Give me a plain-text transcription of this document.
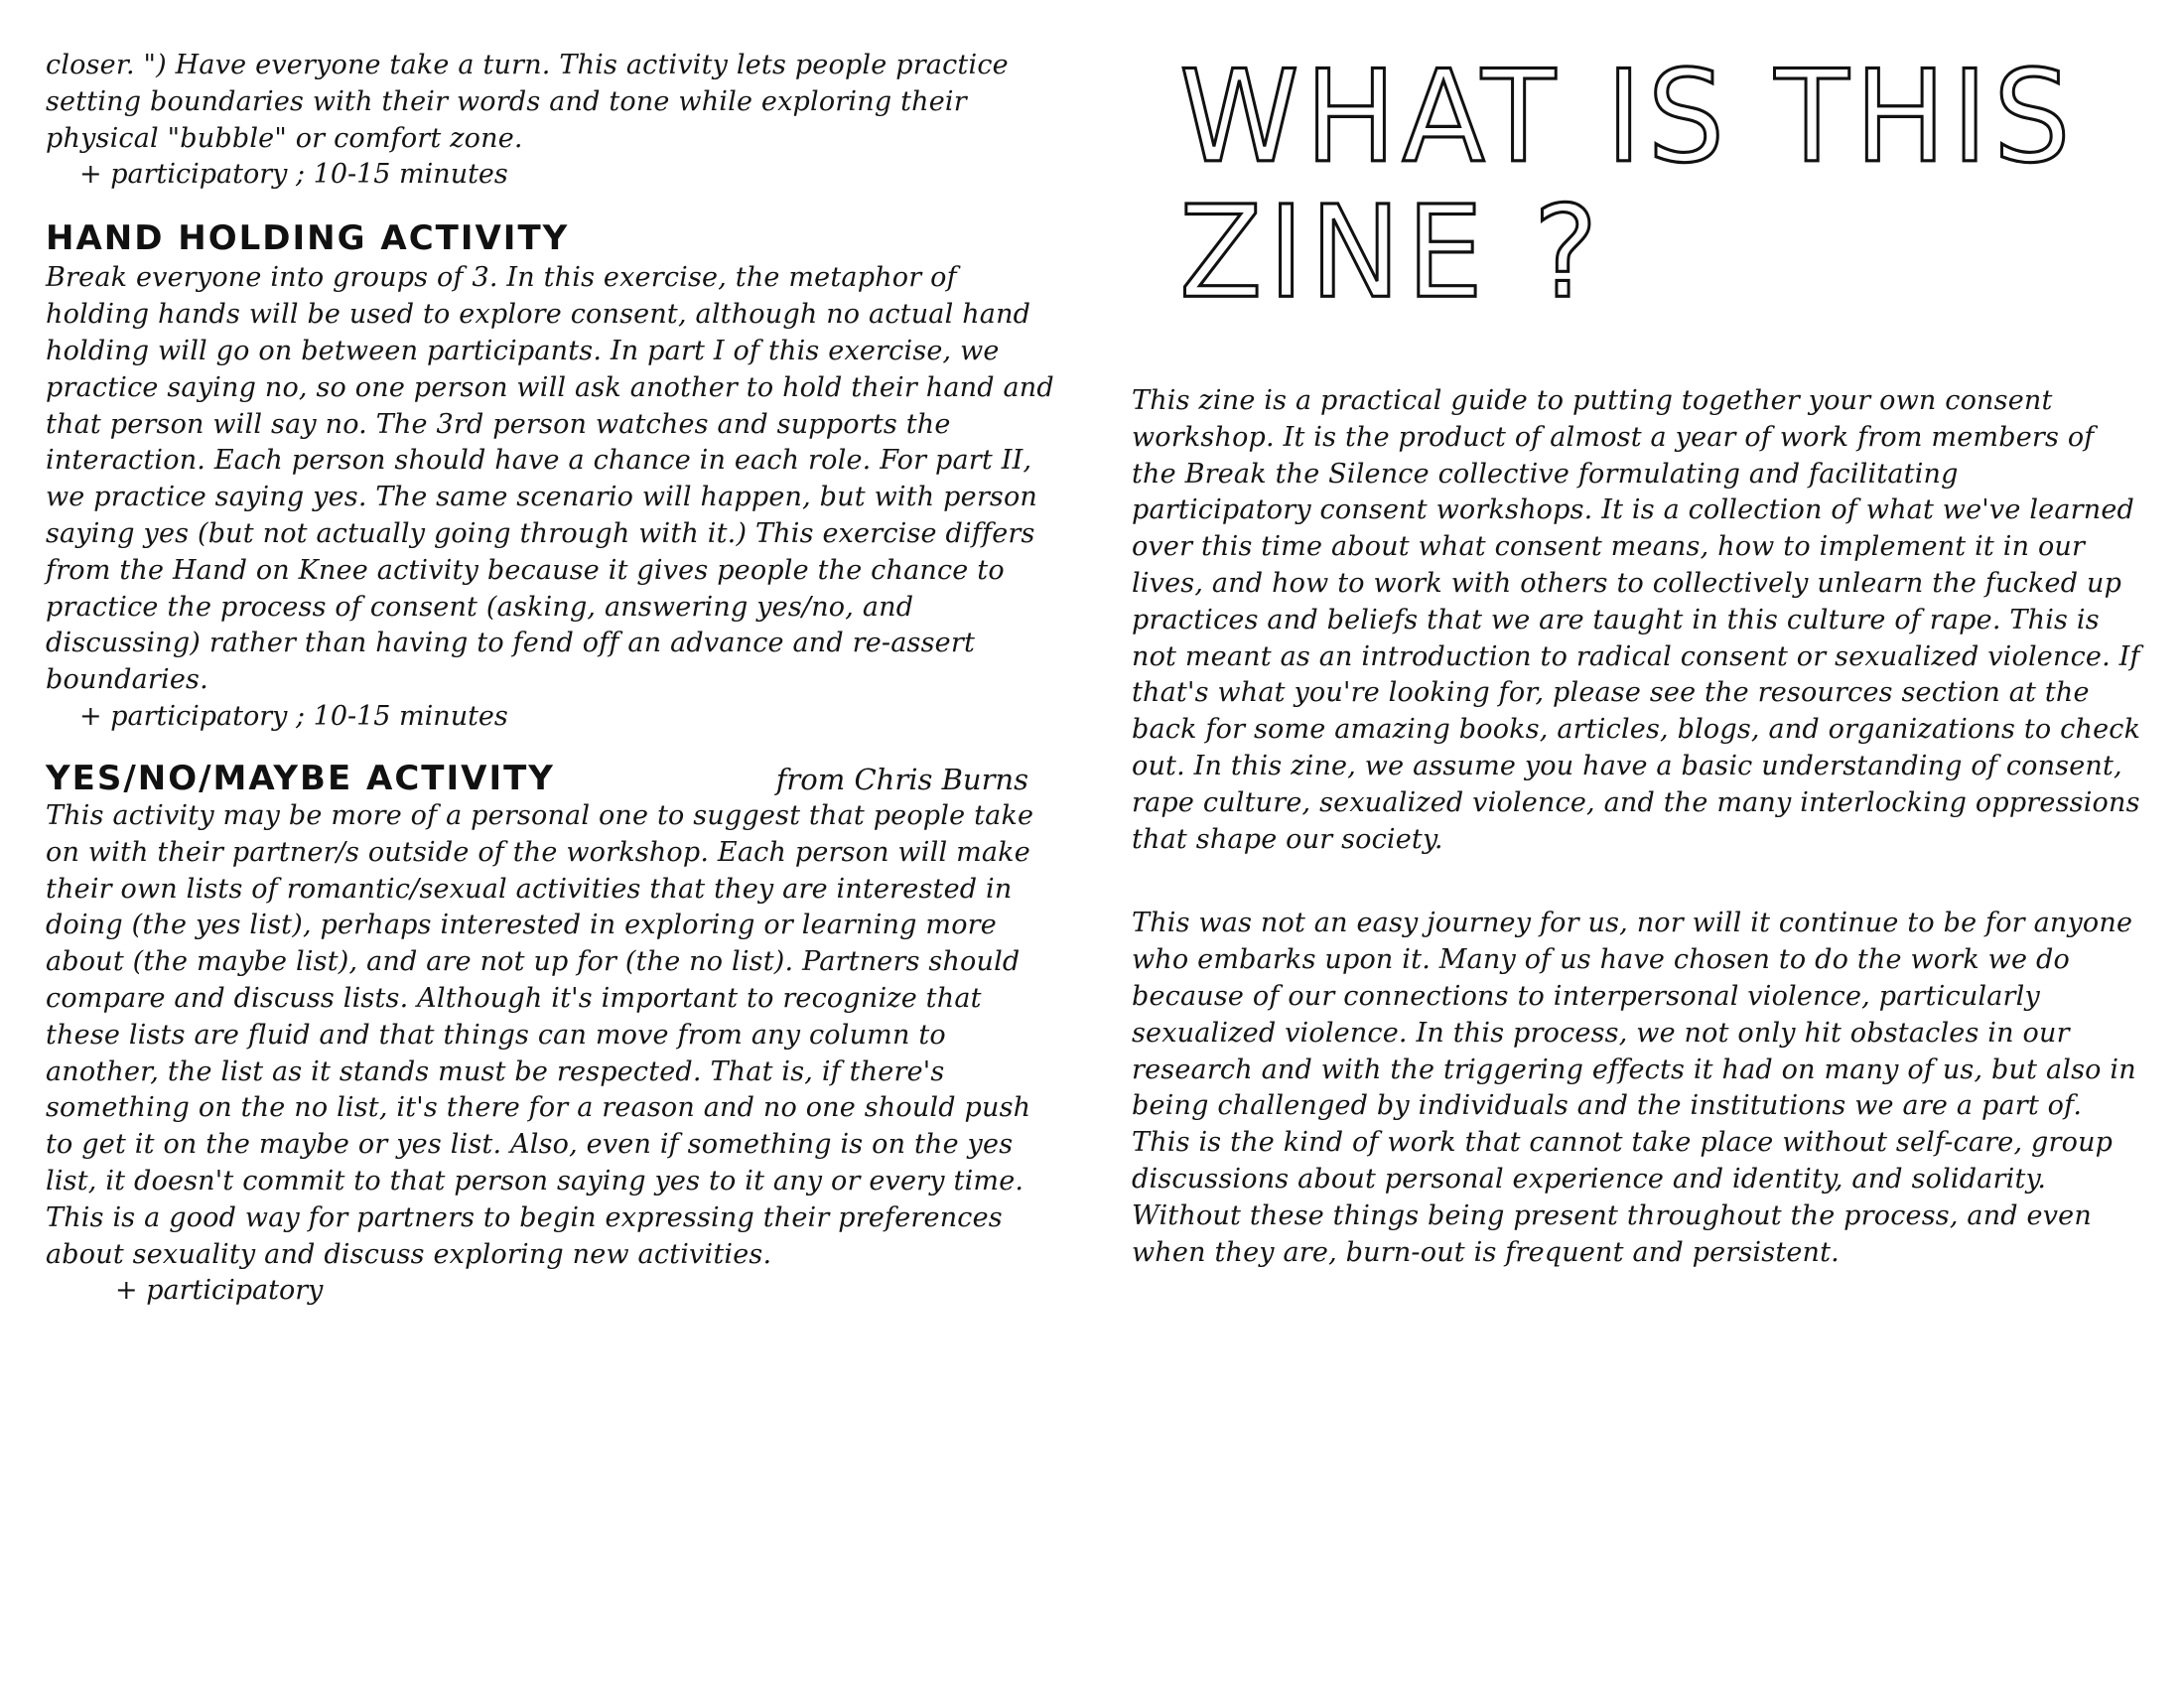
closer. ") Have everyone take a turn. This activity lets people practice setting boundaries with their words and tone while exploring their physical "bubble" or comfort zone.

+ participatory ; 10-15 minutes

HAND HOLDING ACTIVITY

Break everyone into groups of 3. In this exercise, the metaphor of holding hands will be used to explore consent, although no actual hand holding will go on between participants. In part I of this exercise, we practice saying no, so one person will ask another to hold their hand and that person will say no. The 3rd person watches and supports the interaction. Each person should have a chance in each role. For part II, we practice saying yes. The same scenario will happen, but with person saying yes (but not actually going through with it.) This exercise differs from the Hand on Knee activity because it gives people the chance to practice the process of consent (asking, answering yes/no, and discussing) rather than having to fend off an advance and re-assert boundaries.

+ participatory ; 10-15 minutes

YES/NO/MAYBE ACTIVITY	from Chris Burns

This activity may be more of a personal one to suggest that people take on with their partner/s outside of the workshop. Each person will make their own lists of romantic/sexual activities that they are interested in doing (the yes list), perhaps interested in exploring or learning more about (the maybe list), and are not up for (the no list). Partners should compare and discuss lists. Although it's important to recognize that these lists are fluid and that things can move from any column to another, the list as it stands must be respected. That is, if there's something on the no list, it's there for a reason and no one should push to get it on the maybe or yes list. Also, even if something is on the yes list, it doesn't commit to that person saying yes to it any or every time. This is a good way for partners to begin expressing their preferences about sexuality and discuss exploring new activities.

+ participatory

WHAT IS THIS ZINE ?

This zine is a practical guide to putting together your own consent workshop. It is the product of almost a year of work from members of the Break the Silence collective formulating and facilitating participatory consent workshops. It is a collection of what we've learned over this time about what consent means, how to implement it in our lives, and how to work with others to collectively unlearn the fucked up practices and beliefs that we are taught in this culture of rape. This is not meant as an introduction to radical consent or sexualized violence. If that's what you're looking for, please see the resources section at the back for some amazing books, articles, blogs, and organizations to check out. In this zine, we assume you have a basic understanding of consent, rape culture, sexualized violence, and the many interlocking oppressions that shape our society.

This was not an easy journey for us, nor will it continue to be for anyone who embarks upon it. Many of us have chosen to do the work we do because of our connections to interpersonal violence, particularly sexualized violence. In this process, we not only hit obstacles in our research and with the triggering effects it had on many of us, but also in being challenged by individuals and the institutions we are a part of. This is the kind of work that cannot take place without self-care, group discussions about personal experience and identity, and solidarity. Without these things being present throughout the process, and even when they are, burn-out is frequent and persistent.
